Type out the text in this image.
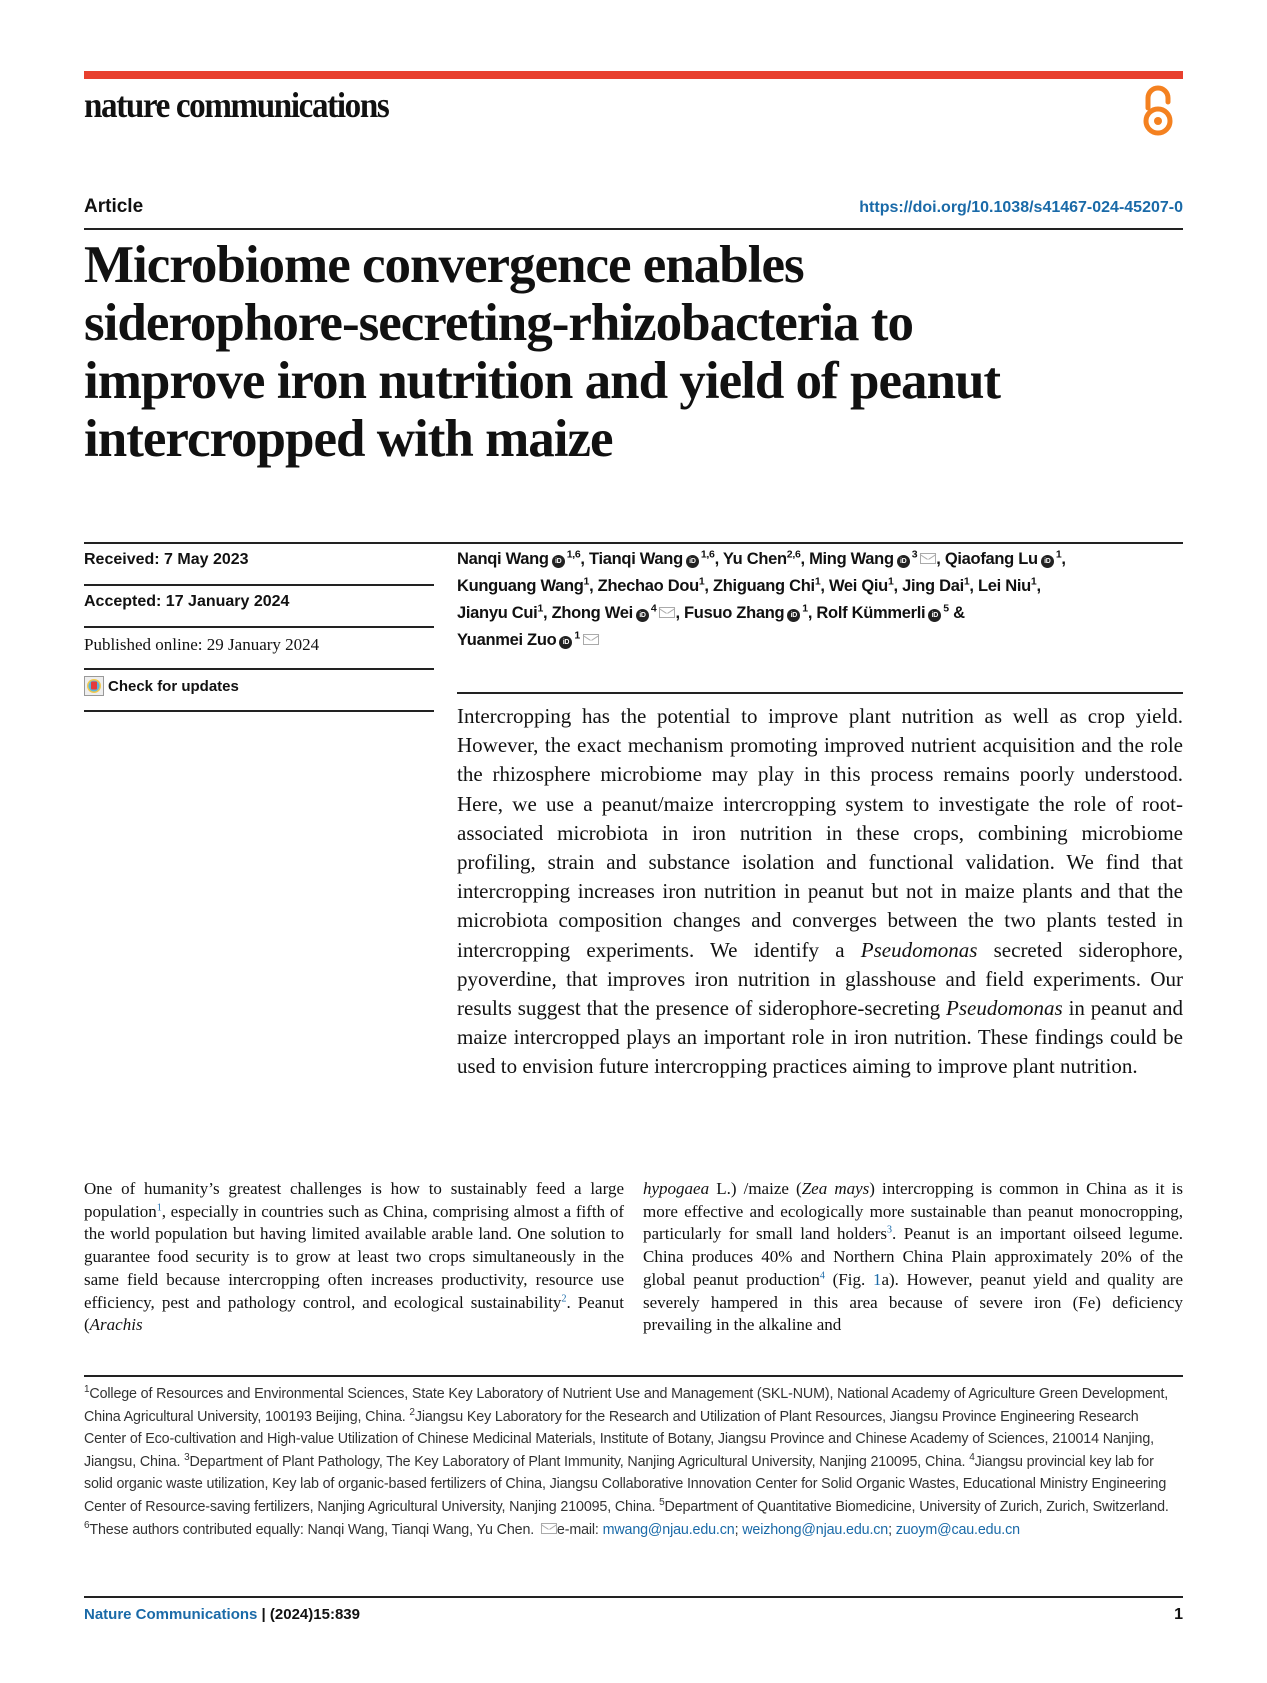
nature communications
Article	https://doi.org/10.1038/s41467-024-45207-0
Microbiome convergence enables
siderophore-secreting-rhizobacteria to
improve iron nutrition and yield of peanut
intercropped with maize
Received: 7 May 2023
Accepted: 17 January 2024
Published online: 29 January 2024
Check for updates
Nanqi Wang iD$^{1,6}$, Tianqi Wang iD$^{1,6}$, Yu Chen$^{2,6}$, Ming Wang $iD^3$ , Qiaofang Lu $iD^1$,
Kunguang Wang$^1$, Zhechao Dou$^1$, Zhiguang Chi$^1$, Wei Qiu$^1$, Jing Dai$^1$, Lei Niu$^1$,
Jianyu Cui$^1$, Zhong Wei $iD^4$ , Fusuo Zhang $iD^1$, Rolf Kümmerli $iD^5$ &
Yuanmei Zuo $iD^1$
Intercropping has the potential to improve plant nutrition as well as crop yield. However, the exact mechanism promoting improved nutrient acquisition and the role the rhizosphere microbiome may play in this process remains poorly understood. Here, we use a peanut/maize intercropping system to investigate the role of root-associated microbiota in iron nutrition in these crops, combining microbiome profiling, strain and substance isolation and functional validation. We find that intercropping increases iron nutrition in peanut but not in maize plants and that the microbiota composition changes and converges between the two plants tested in intercropping experiments. We identify a Pseudomonas secreted siderophore, pyoverdine, that improves iron nutrition in glasshouse and field experiments. Our results suggest that the presence of siderophore-secreting Pseudomonas in peanut and maize intercropped plays an important role in iron nutrition. These findings could be used to envision future intercropping practices aiming to improve plant nutrition.
One of humanity’s greatest challenges is how to sustainably feed a large population$^1$, especially in countries such as China, comprising almost a fifth of the world population but having limited available arable land. One solution to guarantee food security is to grow at least two crops simultaneously in the same field because intercropping often increases productivity, resource use efficiency, pest and pathology control, and ecological sustainability$^2$. Peanut (Arachis
hypogaea L.) /maize (Zea mays) intercropping is common in China as it is more effective and ecologically more sustainable than peanut monocropping, particularly for small land holders$^3$. Peanut is an important oilseed legume. China produces 40% and Northern China Plain approximately 20% of the global peanut production$^4$ (Fig. 1a). However, peanut yield and quality are severely hampered in this area because of severe iron (Fe) deficiency prevailing in the alkaline and
$^1$College of Resources and Environmental Sciences, State Key Laboratory of Nutrient Use and Management (SKL-NUM), National Academy of Agriculture Green Development, China Agricultural University, 100193 Beijing, China. $^2$Jiangsu Key Laboratory for the Research and Utilization of Plant Resources, Jiangsu Province Engineering Research Center of Eco-cultivation and High-value Utilization of Chinese Medicinal Materials, Institute of Botany, Jiangsu Province and Chinese Academy of Sciences, 210014 Nanjing, Jiangsu, China. $^3$Department of Plant Pathology, The Key Laboratory of Plant Immunity, Nanjing Agricultural University, Nanjing 210095, China. $^4$Jiangsu provincial key lab for solid organic waste utilization, Key lab of organic-based fertilizers of China, Jiangsu Collaborative Innovation Center for Solid Organic Wastes, Educational Ministry Engineering Center of Resource-saving fertilizers, Nanjing Agricultural University, Nanjing 210095, China. $^5$Department of Quantitative Biomedicine, University of Zurich, Zurich, Switzerland. $^6$These authors contributed equally: Nanqi Wang, Tianqi Wang, Yu Chen. e-mail: mwang@njau.edu.cn; weizhong@njau.edu.cn; zuoym@cau.edu.cn
Nature Communications | (2024)15:839	1
